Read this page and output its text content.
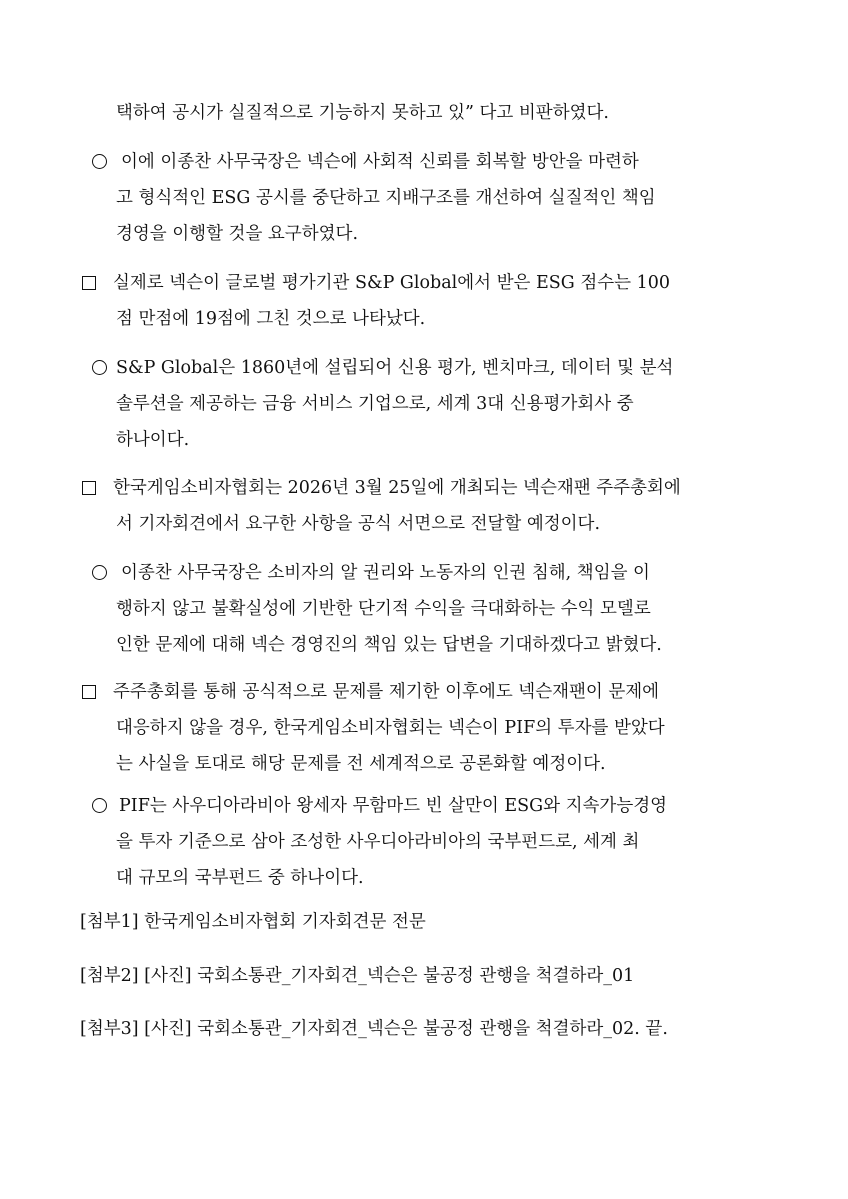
택하여 공시가 실질적으로 기능하지 못하고 있” 다고 비판하였다.
이에 이종찬 사무국장은 넥슨에 사회적 신뢰를 회복할 방안을 마련하
고 형식적인 ESG 공시를 중단하고 지배구조를 개선하여 실질적인 책임
경영을 이행할 것을 요구하였다.
실제로 넥슨이 글로벌 평가기관 S&P Global에서 받은 ESG 점수는 100
점 만점에 19점에 그친 것으로 나타났다.
S&P Global은 1860년에 설립되어 신용 평가, 벤치마크, 데이터 및 분석
솔루션을 제공하는 금융 서비스 기업으로, 세계 3대 신용평가회사 중
하나이다.
한국게임소비자협회는 2026년 3월 25일에 개최되는 넥슨재팬 주주총회에
서 기자회견에서 요구한 사항을 공식 서면으로 전달할 예정이다.
이종찬 사무국장은 소비자의 알 권리와 노동자의 인권 침해, 책임을 이
행하지 않고 불확실성에 기반한 단기적 수익을 극대화하는 수익 모델로
인한 문제에 대해 넥슨 경영진의 책임 있는 답변을 기대하겠다고 밝혔다.
주주총회를 통해 공식적으로 문제를 제기한 이후에도 넥슨재팬이 문제에
대응하지 않을 경우, 한국게임소비자협회는 넥슨이 PIF의 투자를 받았다
는 사실을 토대로 해당 문제를 전 세계적으로 공론화할 예정이다.
PIF는 사우디아라비아 왕세자 무함마드 빈 살만이 ESG와 지속가능경영
을 투자 기준으로 삼아 조성한 사우디아라비아의 국부펀드로, 세계 최
대 규모의 국부펀드 중 하나이다.
[첨부1] 한국게임소비자협회 기자회견문 전문
[첨부2] [사진] 국회소통관_기자회견_넥슨은 불공정 관행을 척결하라_01
[첨부3] [사진] 국회소통관_기자회견_넥슨은 불공정 관행을 척결하라_02. 끝.
